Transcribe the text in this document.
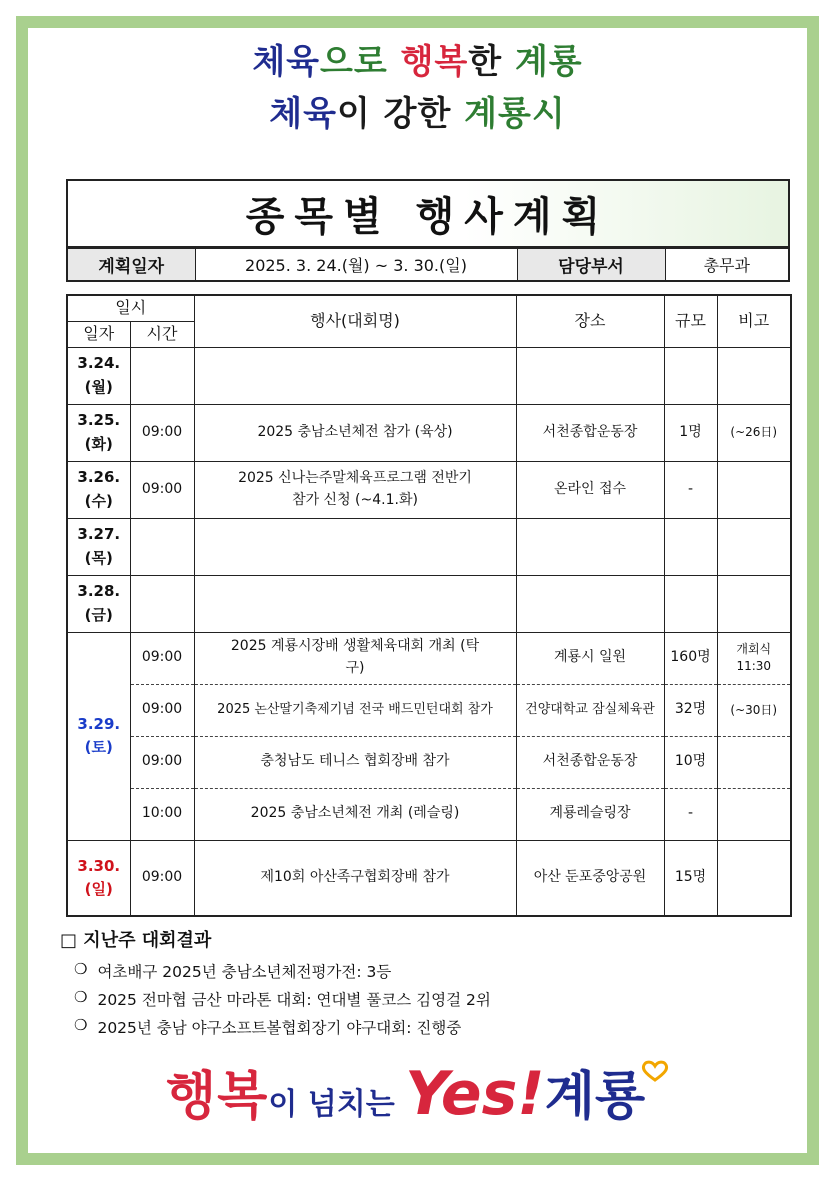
체육으로 행복한 계룡
체육이 강한 계룡시
종목별 행사계획
계획일자	2025. 3. 24.(월) ~ 3. 30.(일)	담당부서	총무과
일시		행사(대회명)	장소	규모	비고
일자	시간				
3.24.
(월)					
3.25.
(화)	09:00	2025 충남소년체전 참가 (육상)	서천종합운동장	1명	(~26日)
3.26.
(수)	09:00	2025 신나는주말체육프로그램 전반기 참가 신청 (~4.1.화)	온라인 접수	-	
3.27.
(목)					
3.28.
(금)					
3.29.
(토)	09:00	2025 계룡시장배 생활체육대회 개최 (탁구)	계룡시 일원	160명	개회식 11:30
	09:00	2025 논산딸기축제기념 전국 배드민턴대회 참가	건양대학교 잠실체육관	32명	(~30日)
	09:00	충청남도 테니스 협회장배 참가	서천종합운동장	10명	
	10:00	2025 충남소년체전 개최 (레슬링)	계룡레슬링장	-	
3.30.
(일)	09:00	제10회 아산족구협회장배 참가	아산 둔포중앙공원	15명	
□ 지난주 대회결과
❍ 여초배구 2025년 충남소년체전평가전: 3등
❍ 2025 전마협 금산 마라톤 대회: 연대별 풀코스 김영걸 2위
❍ 2025년 충남 야구소프트볼협회장기 야구대회: 진행중
행복이 넘치는 Yes!계룡
